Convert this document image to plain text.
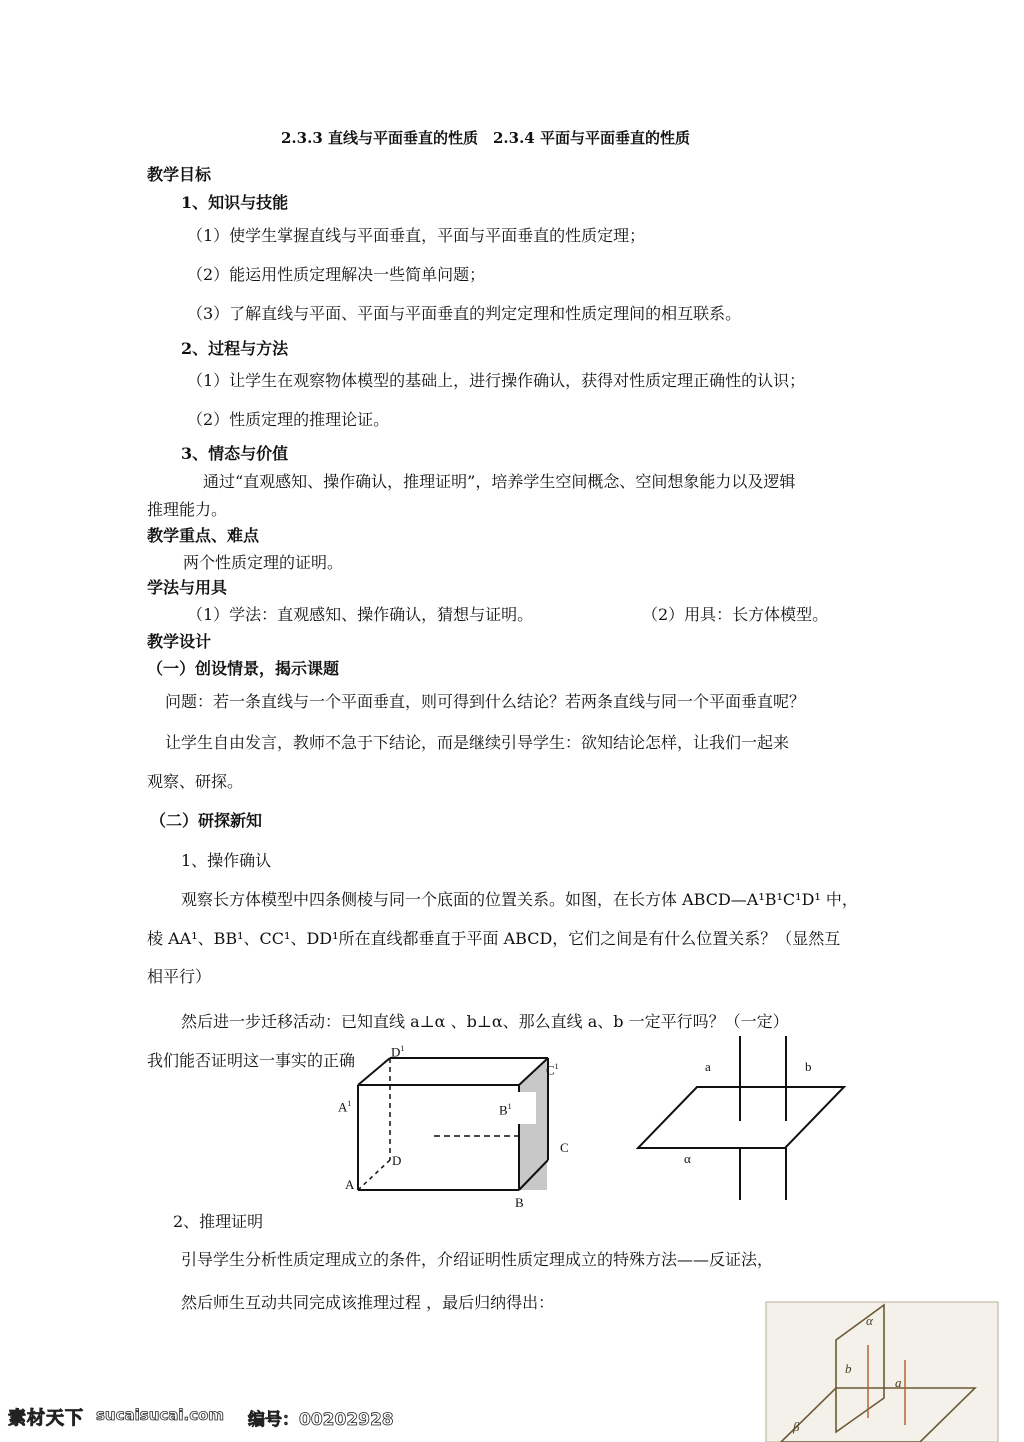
2.3.3 直线与平面垂直的性质　2.3.4 平面与平面垂直的性质
教学目标
1、知识与技能
（1）使学生掌握直线与平面垂直，平面与平面垂直的性质定理；
（2）能运用性质定理解决一些简单问题；
（3）了解直线与平面、平面与平面垂直的判定定理和性质定理间的相互联系。
2、过程与方法
（1）让学生在观察物体模型的基础上，进行操作确认，获得对性质定理正确性的认识；
（2）性质定理的推理论证。
3、情态与价值
通过“直观感知、操作确认，推理证明”，培养学生空间概念、空间想象能力以及逻辑
推理能力。
教学重点、难点
两个性质定理的证明。
学法与用具
（1）学法：直观感知、操作确认，猜想与证明。	（2）用具：长方体模型。
教学设计
（一）创设情景，揭示课题
问题：若一条直线与一个平面垂直，则可得到什么结论？若两条直线与同一个平面垂直呢？
让学生自由发言，教师不急于下结论，而是继续引导学生：欲知结论怎样，让我们一起来
观察、研探。
（二）研探新知
1、操作确认
观察长方体模型中四条侧棱与同一个底面的位置关系。如图，在长方体 ABCD—A¹B¹C¹D¹ 中，
棱 AA¹、BB¹、CC¹、DD¹所在直线都垂直于平面 ABCD，它们之间是有什么位置关系？（显然互
相平行）
然后进一步迁移活动：已知直线 a⊥α 、b⊥α、那么直线 a、b 一定平行吗？（一定）
我们能否证明这一事实的正确
2、推理证明
引导学生分析性质定理成立的条件，介绍证明性质定理成立的特殊方法——反证法，
然后师生互动共同完成该推理过程 ，最后归纳得出：
$D^1$
$C^1$
$A^1$	$B^1$
C
D
A
B
a	b
α
α
b
a
β
素材天下 sucaisucai.com 编号：00202928
